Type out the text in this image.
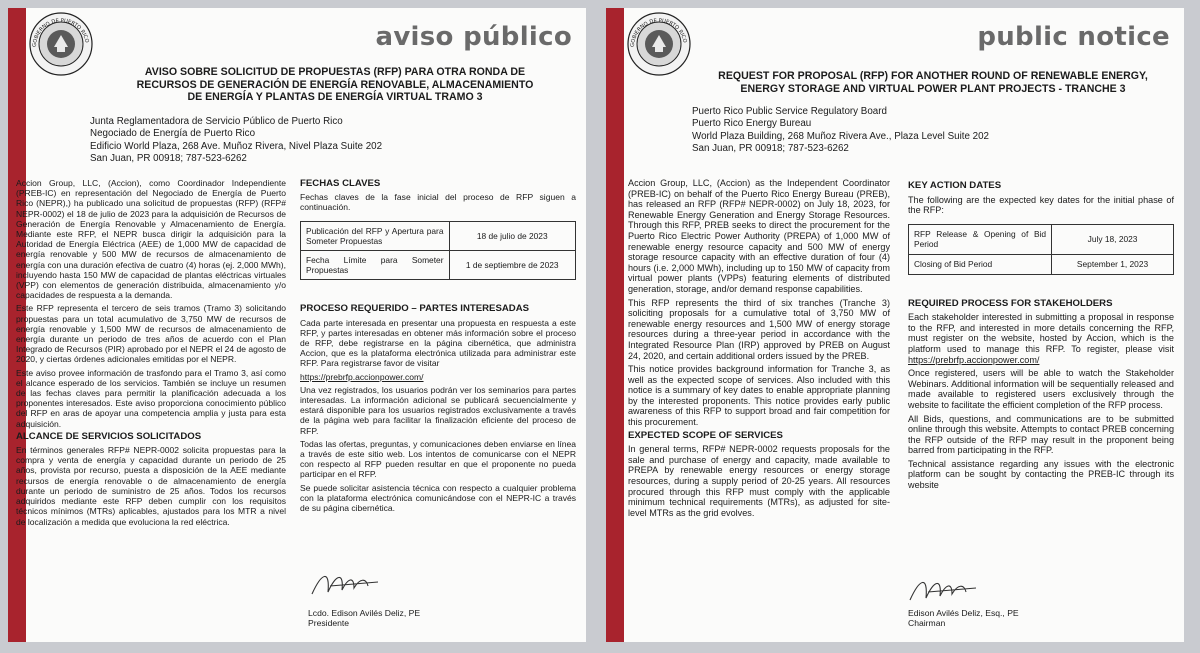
GOBIERNO DE PUERTO RICO	aviso público
AVISO SOBRE SOLICITUD DE PROPUESTAS (RFP) PARA OTRA RONDA DE
RECURSOS DE GENERACIÓN DE ENERGÍA RENOVABLE, ALMACENAMIENTO
DE ENERGÍA Y PLANTAS DE ENERGÍA VIRTUAL TRAMO 3
Junta Reglamentadora de Servicio Público de Puerto Rico
Negociado de Energía de Puerto Rico
Edificio World Plaza, 268 Ave. Muñoz Rivera, Nivel Plaza Suite 202
San Juan, PR 00918; 787-523-6262

Accion Group, LLC, (Accion), como Coordinador Independiente (PREB-IC) en representación del Negociado de Energía de Puerto Rico (NEPR),) ha publicado una solicitud de propuestas (RFP) (RFP# NEPR-0002) el 18 de julio de 2023 para la adquisición de Recursos de Generación de Energía Renovable y Almacenamiento de Energía. Mediante este RFP, el NEPR busca dirigir la adquisición para la Autoridad de Energía Eléctrica (AEE) de 1,000 MW de capacidad de energía renovable y 500 MW de recursos de almacenamiento de energía con una duración efectiva de cuatro (4) horas (ej. 2,000 MWh), incluyendo hasta 150 MW de capacidad de plantas eléctricas virtuales (VPP) con elementos de generación distribuida, almacenamiento y/o capacidades de respuesta a la demanda.

Este RFP representa el tercero de seis tramos (Tramo 3) solicitando propuestas para un total acumulativo de 3,750 MW de recursos de energía renovable y 1,500 MW de recursos de almacenamiento de energía durante un periodo de tres años de acuerdo con el Plan Integrado de Recursos (PIR) aprobado por el NEPR el 24 de agosto de 2020, y ciertas órdenes adicionales emitidas por el NEPR.

Este aviso provee información de trasfondo para el Tramo 3, así como el alcance esperado de los servicios. También se incluye un resumen de las fechas claves para permitir la planificación adecuada a los proponentes interesados. Este aviso proporciona conocimiento público del RFP en aras de apoyar una competencia amplia y justa para esta adquisición.

ALCANCE DE SERVICIOS SOLICITADOS

En términos generales RFP# NEPR-0002 solicita propuestas para la compra y venta de energía y capacidad durante un periodo de 25 años, provista por recurso, puesta a disposición de la AEE mediante recursos de energía renovable o de almacenamiento de energía durante un periodo de suministro de 25 años. Todos los recursos adquiridos mediante este RFP deben cumplir con los requisitos técnicos mínimos (MTRs) aplicables, ajustados para los MTR a nivel de localización a medida que evoluciona la red eléctrica.

FECHAS CLAVES

Fechas claves de la fase inicial del proceso de RFP siguen a continuación.

Publicación del RFP y Apertura para Someter Propuestas	18 de julio de 2023
Fecha Límite para Someter Propuestas	1 de septiembre de 2023
PROCESO REQUERIDO – PARTES INTERESADAS

Cada parte interesada en presentar una propuesta en respuesta a este RFP, y partes interesadas en obtener más información sobre el proceso de RFP, debe registrarse en la página cibernética, que administra Accion, que es la plataforma electrónica utilizada para administrar este RFP. Para registrarse favor de visitar

https://prebrfp.accionpower.com/

Una vez registrados, los usuarios podrán ver los seminarios para partes interesadas. La información adicional se publicará secuencialmente y estará disponible para los usuarios registrados exclusivamente a través de la página web para facilitar la finalización eficiente del proceso de RFP.

Todas las ofertas, preguntas, y comunicaciones deben enviarse en línea a través de este sitio web. Los intentos de comunicarse con el NEPR con respecto al RFP pueden resultar en que el proponente no pueda participar en el RFP.

Se puede solicitar asistencia técnica con respecto a cualquier problema con la plataforma electrónica comunicándose con el NEPR-IC a través de su página cibernética.

Lcdo. Edison Avilés Deliz, PE
Presidente
GOBIERNO DE PUERTO RICO	public notice
REQUEST FOR PROPOSAL (RFP) FOR ANOTHER ROUND OF RENEWABLE ENERGY,
ENERGY STORAGE AND VIRTUAL POWER PLANT PROJECTS - TRANCHE 3
Puerto Rico Public Service Regulatory Board
Puerto Rico Energy Bureau
World Plaza Building, 268 Muñoz Rivera Ave., Plaza Level Suite 202
San Juan, PR 00918; 787-523-6262

Accion Group, LLC, (Accion) as the Independent Coordinator (PREB-IC) on behalf of the Puerto Rico Energy Bureau (PREB), has released an RFP (RFP# NEPR-0002) on July 18, 2023, for Renewable Energy Generation and Energy Storage Resources. Through this RFP, PREB seeks to direct the procurement for the Puerto Rico Electric Power Authority (PREPA) of 1,000 MW of renewable energy resource capacity and 500 MW of energy storage resource capacity with an effective duration of four (4) hours (i.e. 2,000 MWh), including up to 150 MW of capacity from virtual power plants (VPPs) featuring elements of distributed generation, storage, and/or demand response capabilities.

This RFP represents the third of six tranches (Tranche 3) soliciting proposals for a cumulative total of 3,750 MW of renewable energy resources and 1,500 MW of energy storage resources during a three-year period in accordance with the Integrated Resource Plan (IRP) approved by PREB on August 24, 2020, and certain additional orders issued by the PREB.

This notice provides background information for Tranche 3, as well as the expected scope of services. Also included with this notice is a summary of key dates to enable appropriate planning by the interested proponents. This notice provides early public awareness of this RFP to support broad and fair competition for this procurement.

EXPECTED SCOPE OF SERVICES

In general terms, RFP# NEPR-0002 requests proposals for the sale and purchase of energy and capacity, made available to PREPA by renewable energy resources or energy storage resources, during a supply period of 20-25 years. All resources procured through this RFP must comply with the applicable minimum technical requirements (MTRs), as adjusted for site-level MTRs as the grid evolves.

KEY ACTION DATES

The following are the expected key dates for the initial phase of the RFP:

RFP Release & Opening of Bid Period	July 18, 2023
Closing of Bid Period	September 1, 2023
REQUIRED PROCESS FOR STAKEHOLDERS

Each stakeholder interested in submitting a proposal in response to the RFP, and interested in more details concerning the RFP, must register on the website, hosted by Accion, which is the platform used to manage this RFP. To register, please visit https://prebrfp.accionpower.com/

Once registered, users will be able to watch the Stakeholder Webinars. Additional information will be sequentially released and made available to registered users exclusively through the website to facilitate the efficient completion of the RFP process.

All Bids, questions, and communications are to be submitted online through this website. Attempts to contact PREB concerning the RFP outside of the RFP may result in the proponent being barred from participating in the RFP.

Technical assistance regarding any issues with the electronic platform can be sought by contacting the PREB-IC through its website

Edison Avilés Deliz, Esq., PE
Chairman
